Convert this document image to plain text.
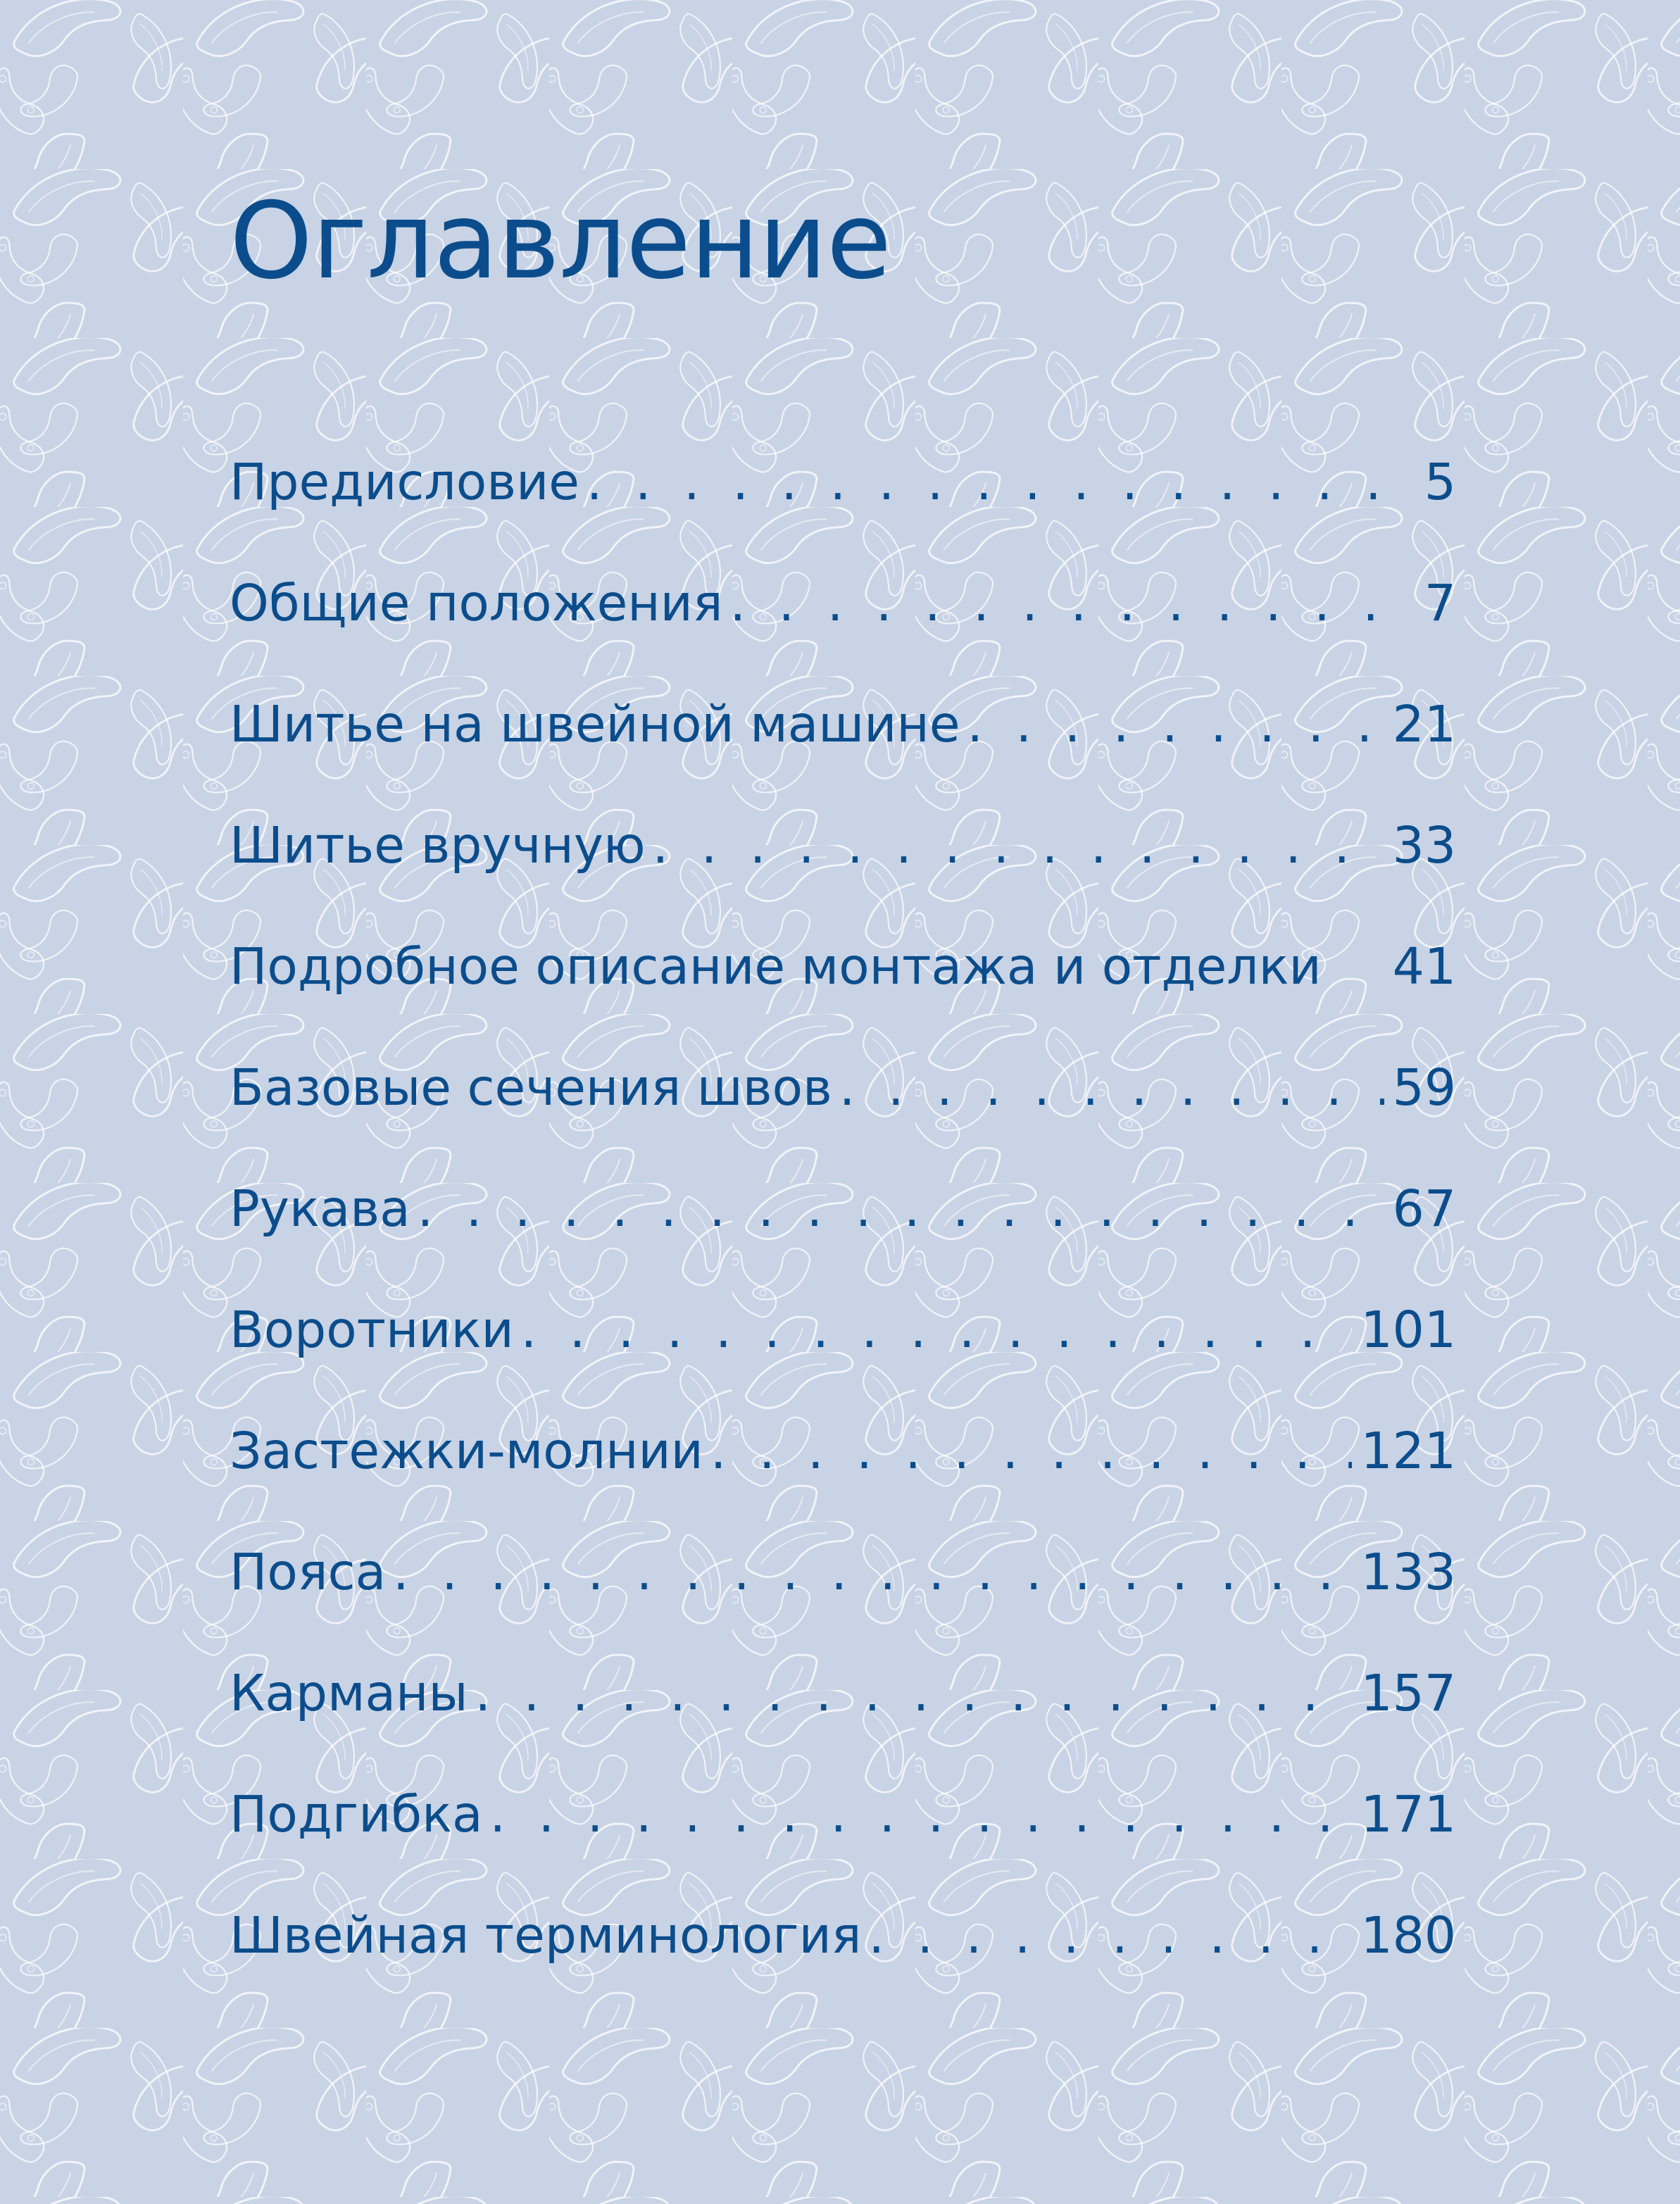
Оглавление
Предисловие . . .	5
Общие положения . . .	7
Шитье на швейной машине . . .	21
Шитье вручную . . .	33
Подробное описание монтажа и отделки 41
Базовые сечения швов . . .	59
Рукава . . .	67
Воротники . . .	101
Застежки-молнии . . .	121
Пояса . . .	133
Карманы . . .	157
Подгибка . . .	171
Швейная терминология . . .	180
